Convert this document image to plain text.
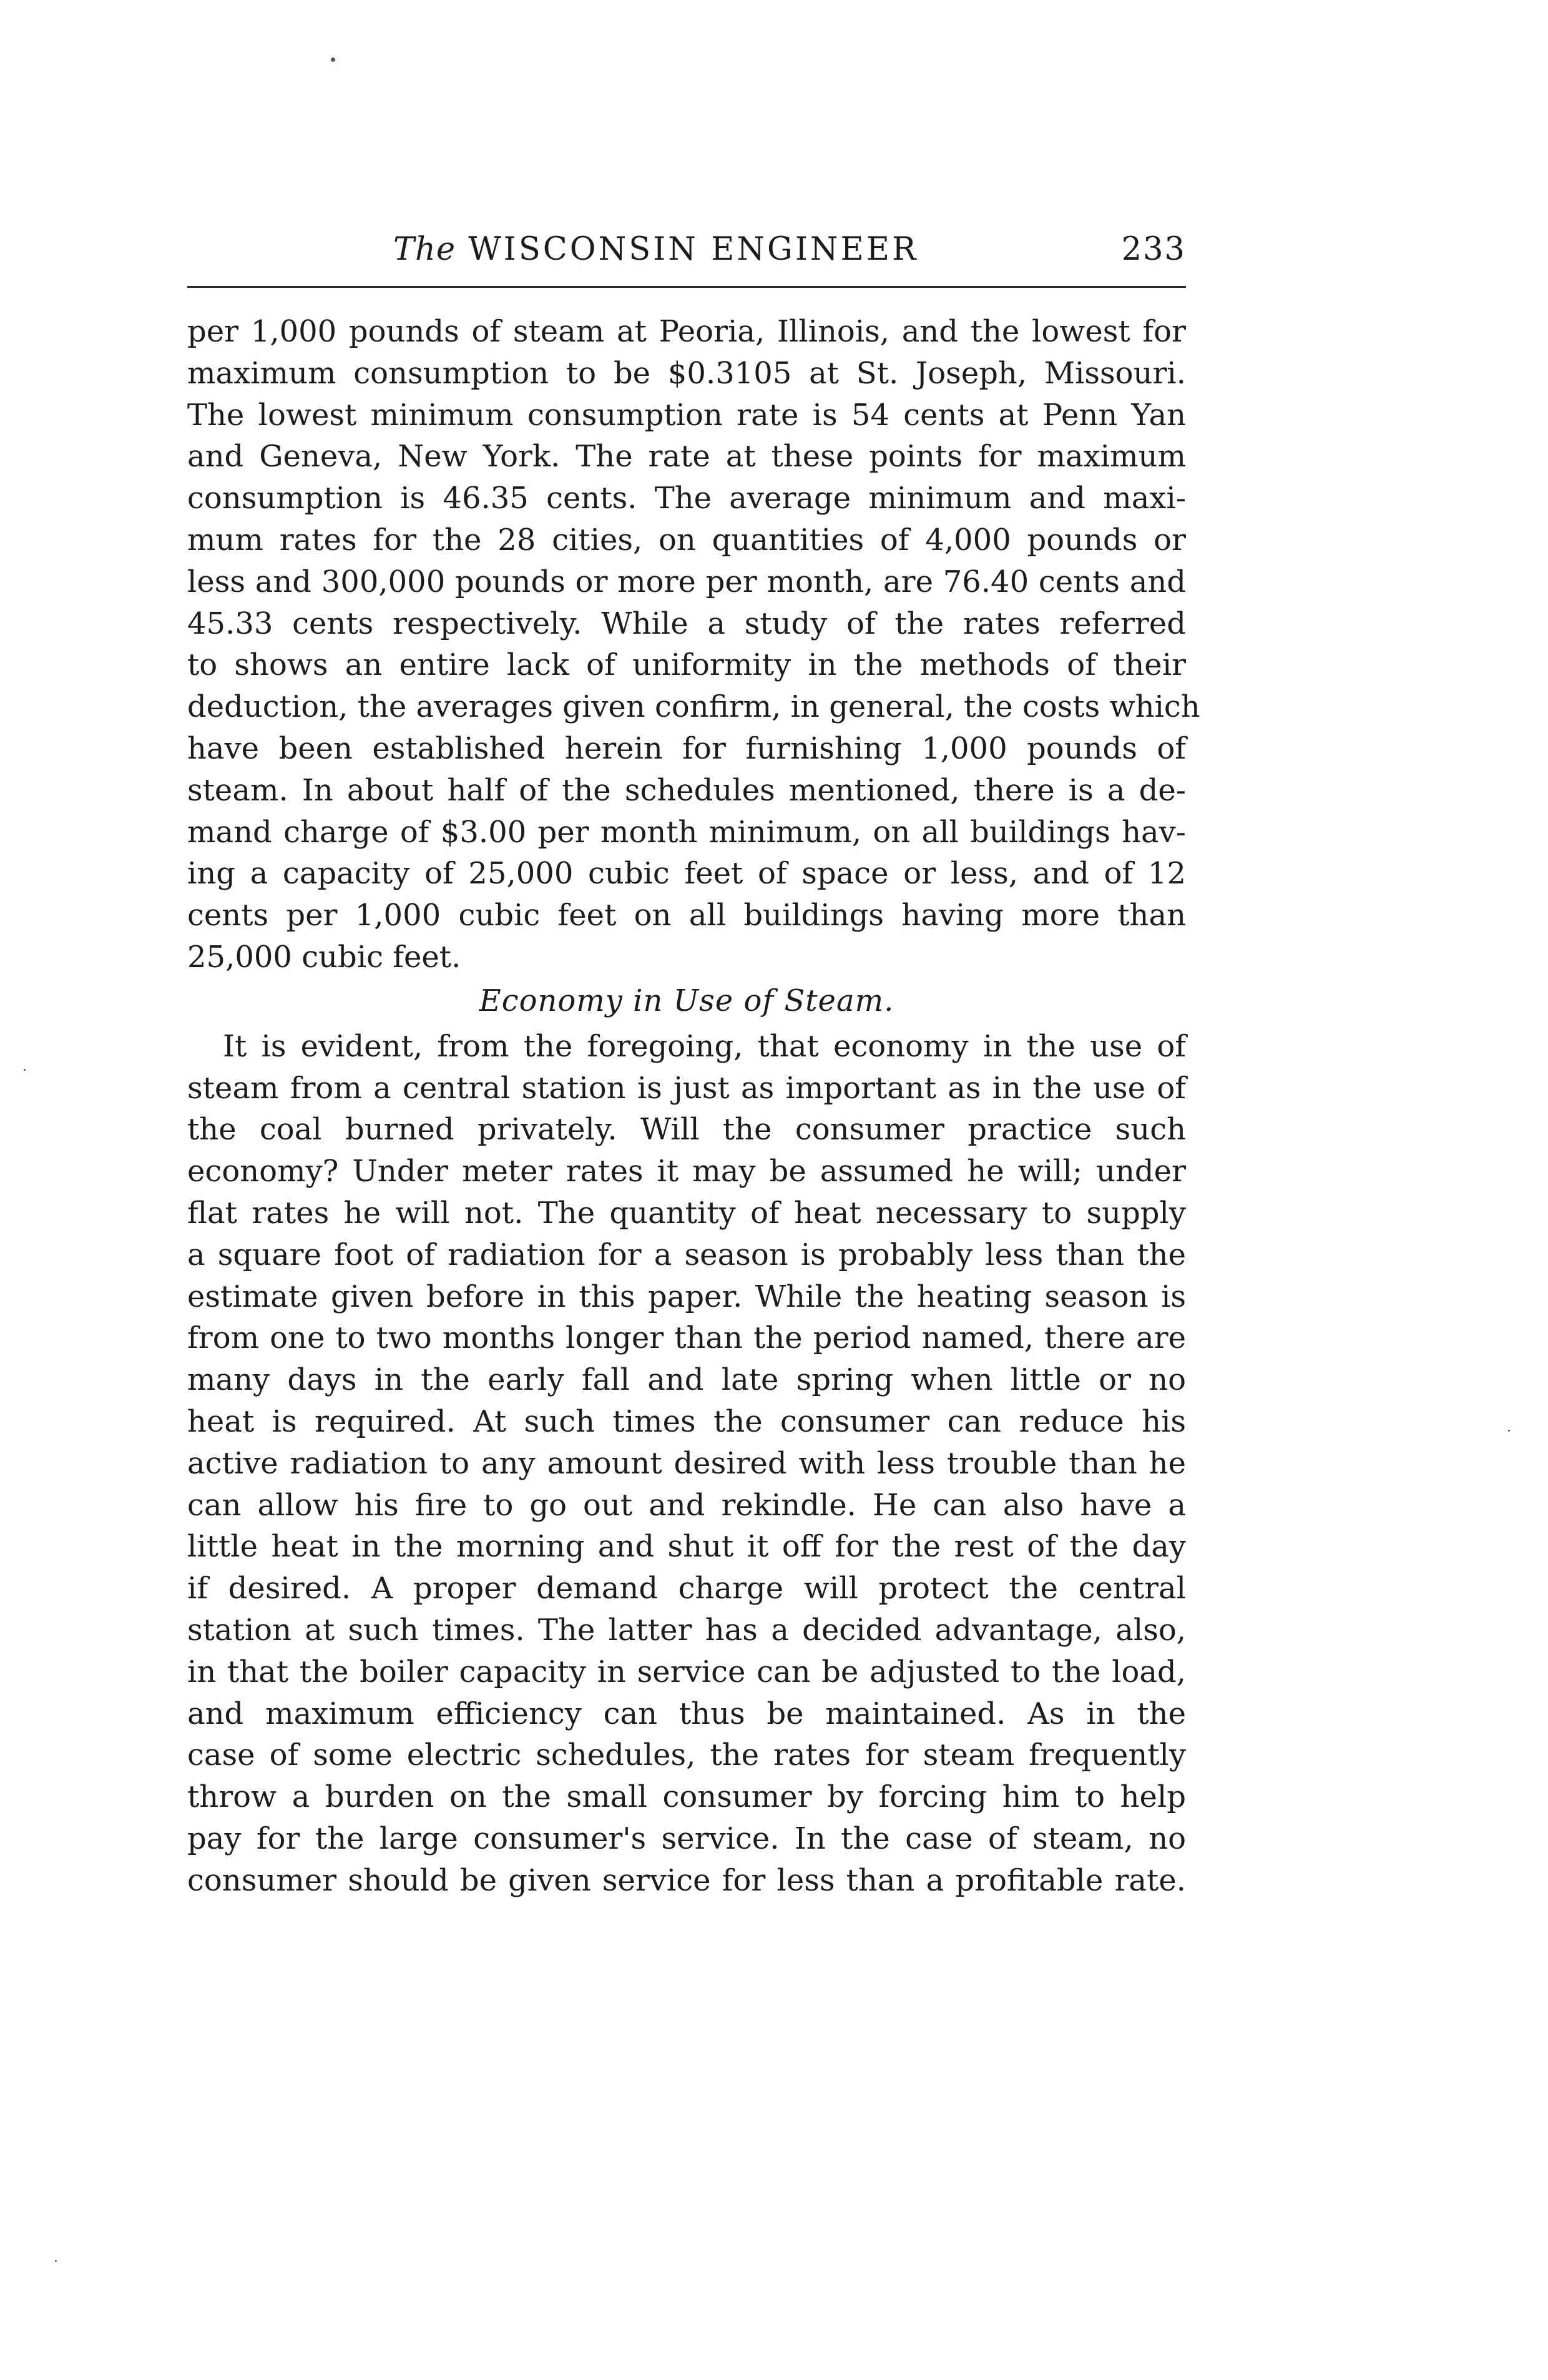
The WISCONSIN ENGINEER	233
per 1,000 pounds of steam at Peoria, Illinois, and the lowest for
maximum consumption to be $0.3105 at St. Joseph, Missouri.
The lowest minimum consumption rate is 54 cents at Penn Yan
and Geneva, New York. The rate at these points for maximum
consumption is 46.35 cents. The average minimum and maxi-
mum rates for the 28 cities, on quantities of 4,000 pounds or
less and 300,000 pounds or more per month, are 76.40 cents and
45.33 cents respectively. While a study of the rates referred
to shows an entire lack of uniformity in the methods of their
deduction, the averages given confirm, in general, the costs which
have been established herein for furnishing 1,000 pounds of
steam. In about half of the schedules mentioned, there is a de-
mand charge of $3.00 per month minimum, on all buildings hav-
ing a capacity of 25,000 cubic feet of space or less, and of 12
cents per 1,000 cubic feet on all buildings having more than
25,000 cubic feet.
Economy in Use of Steam.
It is evident, from the foregoing, that economy in the use of
steam from a central station is just as important as in the use of
the coal burned privately. Will the consumer practice such
economy? Under meter rates it may be assumed he will; under
flat rates he will not. The quantity of heat necessary to supply
a square foot of radiation for a season is probably less than the
estimate given before in this paper. While the heating season is
from one to two months longer than the period named, there are
many days in the early fall and late spring when little or no
heat is required. At such times the consumer can reduce his
active radiation to any amount desired with less trouble than he
can allow his fire to go out and rekindle. He can also have a
little heat in the morning and shut it off for the rest of the day
if desired. A proper demand charge will protect the central
station at such times. The latter has a decided advantage, also,
in that the boiler capacity in service can be adjusted to the load,
and maximum efficiency can thus be maintained. As in the
case of some electric schedules, the rates for steam frequently
throw a burden on the small consumer by forcing him to help
pay for the large consumer's service. In the case of steam, no
consumer should be given service for less than a profitable rate.
